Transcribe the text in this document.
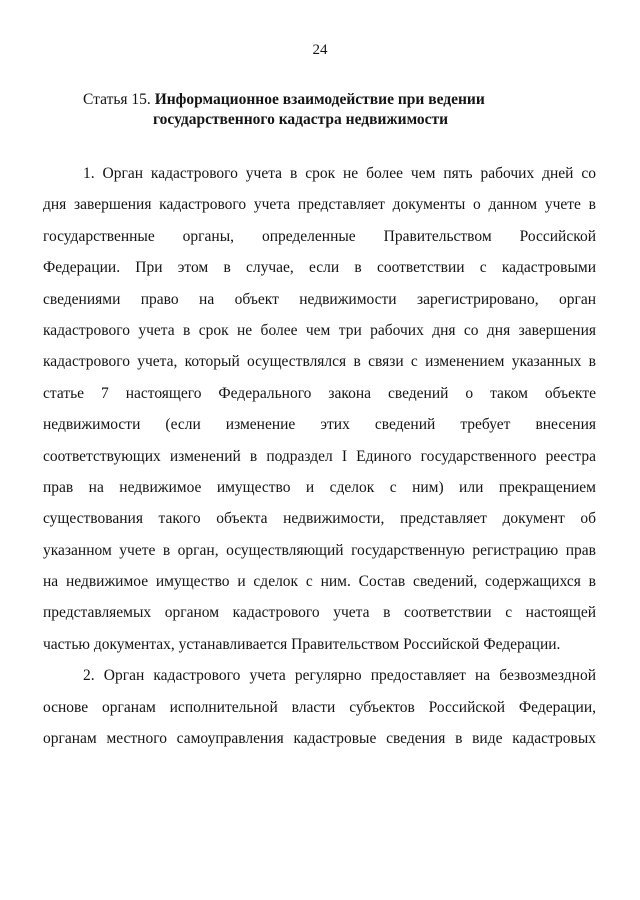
24
Статья 15. Информационное взаимодействие при ведении
государственного кадастра недвижимости

1. Орган кадастрового учета в срок не более чем пять рабочих дней со
дня завершения кадастрового учета представляет документы о данном учете в
государственные органы, определенные Правительством Российской
Федерации. При этом в случае, если в соответствии с кадастровыми
сведениями право на объект недвижимости зарегистрировано, орган
кадастрового учета в срок не более чем три рабочих дня со дня завершения
кадастрового учета, который осуществлялся в связи с изменением указанных в
статье 7 настоящего Федерального закона сведений о таком объекте
недвижимости (если изменение этих сведений требует внесения
соответствующих изменений в подраздел I Единого государственного реестра
прав на недвижимое имущество и сделок с ним) или прекращением
существования такого объекта недвижимости, представляет документ об
указанном учете в орган, осуществляющий государственную регистрацию прав
на недвижимое имущество и сделок с ним. Состав сведений, содержащихся в
представляемых органом кадастрового учета в соответствии с настоящей
частью документах, устанавливается Правительством Российской Федерации.

2. Орган кадастрового учета регулярно предоставляет на безвозмездной
основе органам исполнительной власти субъектов Российской Федерации,
органам местного самоуправления кадастровые сведения в виде кадастровых
